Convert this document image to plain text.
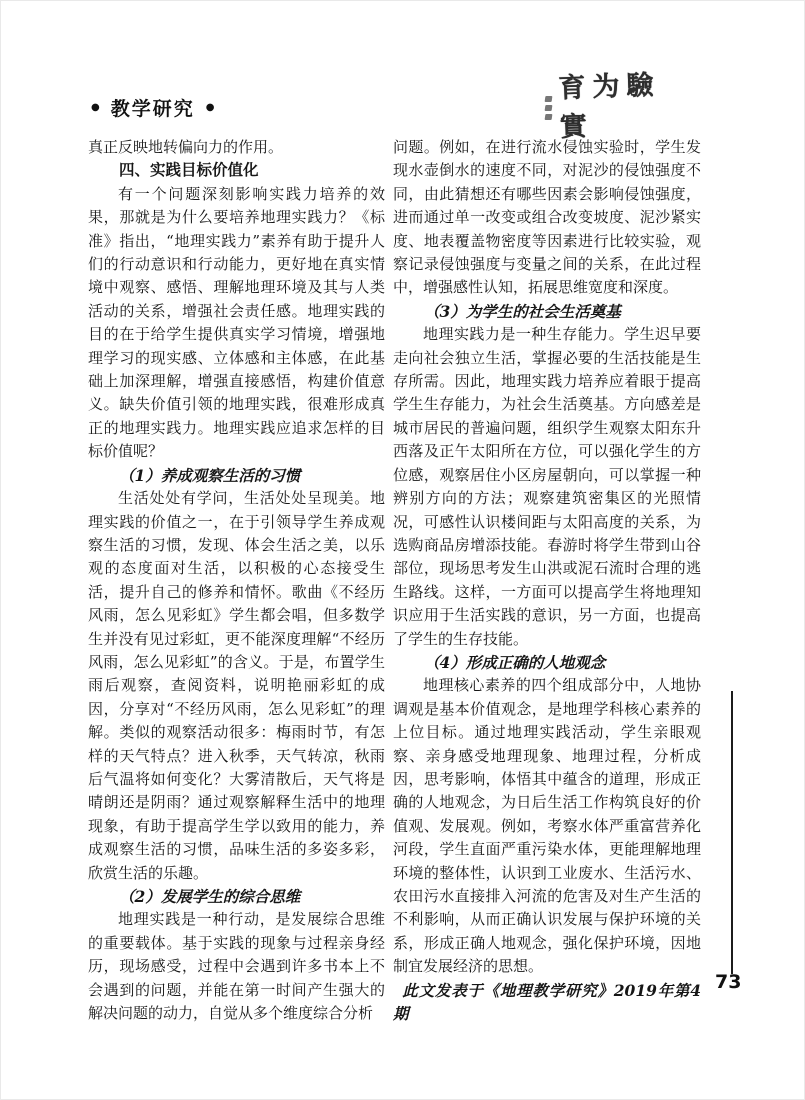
● 教学研究 ●
育为驗實
真正反映地转偏向力的作用。
四、实践目标价值化
有一个问题深刻影响实践力培养的效果，那就是为什么要培养地理实践力？《标准》指出，“地理实践力”素养有助于提升人们的行动意识和行动能力，更好地在真实情境中观察、感悟、理解地理环境及其与人类活动的关系，增强社会责任感。地理实践的目的在于给学生提供真实学习情境，增强地理学习的现实感、立体感和主体感，在此基础上加深理解，增强直接感悟，构建价值意义。缺失价值引领的地理实践，很难形成真正的地理实践力。地理实践应追求怎样的目标价值呢？
（1）养成观察生活的习惯
生活处处有学问，生活处处呈现美。地理实践的价值之一，在于引领导学生养成观察生活的习惯，发现、体会生活之美，以乐观的态度面对生活，以积极的心态接受生活，提升自己的修养和情怀。歌曲《不经历风雨，怎么见彩虹》学生都会唱，但多数学生并没有见过彩虹，更不能深度理解“不经历风雨，怎么见彩虹”的含义。于是，布置学生雨后观察，查阅资料，说明艳丽彩虹的成因，分享对“不经历风雨，怎么见彩虹”的理解。类似的观察活动很多：梅雨时节，有怎样的天气特点？进入秋季，天气转凉，秋雨后气温将如何变化？大雾清散后，天气将是晴朗还是阴雨？通过观察解释生活中的地理现象，有助于提高学生学以致用的能力，养成观察生活的习惯，品味生活的多姿多彩，欣赏生活的乐趣。
（2）发展学生的综合思维
地理实践是一种行动，是发展综合思维的重要载体。基于实践的现象与过程亲身经历，现场感受，过程中会遇到许多书本上不会遇到的问题，并能在第一时间产生强大的解决问题的动力，自觉从多个维度综合分析
问题。例如，在进行流水侵蚀实验时，学生发现水壶倒水的速度不同，对泥沙的侵蚀强度不同，由此猜想还有哪些因素会影响侵蚀强度，进而通过单一改变或组合改变坡度、泥沙紧实度、地表覆盖物密度等因素进行比较实验，观察记录侵蚀强度与变量之间的关系，在此过程中，增强感性认知，拓展思维宽度和深度。
（3）为学生的社会生活奠基
地理实践力是一种生存能力。学生迟早要走向社会独立生活，掌握必要的生活技能是生存所需。因此，地理实践力培养应着眼于提高学生生存能力，为社会生活奠基。方向感差是城市居民的普遍问题，组织学生观察太阳东升西落及正午太阳所在方位，可以强化学生的方位感，观察居住小区房屋朝向，可以掌握一种辨别方向的方法；观察建筑密集区的光照情况，可感性认识楼间距与太阳高度的关系，为选购商品房增添技能。春游时将学生带到山谷部位，现场思考发生山洪或泥石流时合理的逃生路线。这样，一方面可以提高学生将地理知识应用于生活实践的意识，另一方面，也提高了学生的生存技能。
（4）形成正确的人地观念
地理核心素养的四个组成部分中，人地协调观是基本价值观念，是地理学科核心素养的上位目标。通过地理实践活动，学生亲眼观察、亲身感受地理现象、地理过程，分析成因，思考影响，体悟其中蕴含的道理，形成正确的人地观念，为日后生活工作构筑良好的价值观、发展观。例如，考察水体严重富营养化河段，学生直面严重污染水体，更能理解地理环境的整体性，认识到工业废水、生活污水、农田污水直接排入河流的危害及对生产生活的不利影响，从而正确认识发展与保护环境的关系，形成正确人地观念，强化保护环境，因地制宜发展经济的思想。
此文发表于《地理教学研究》2019年第4期
73
